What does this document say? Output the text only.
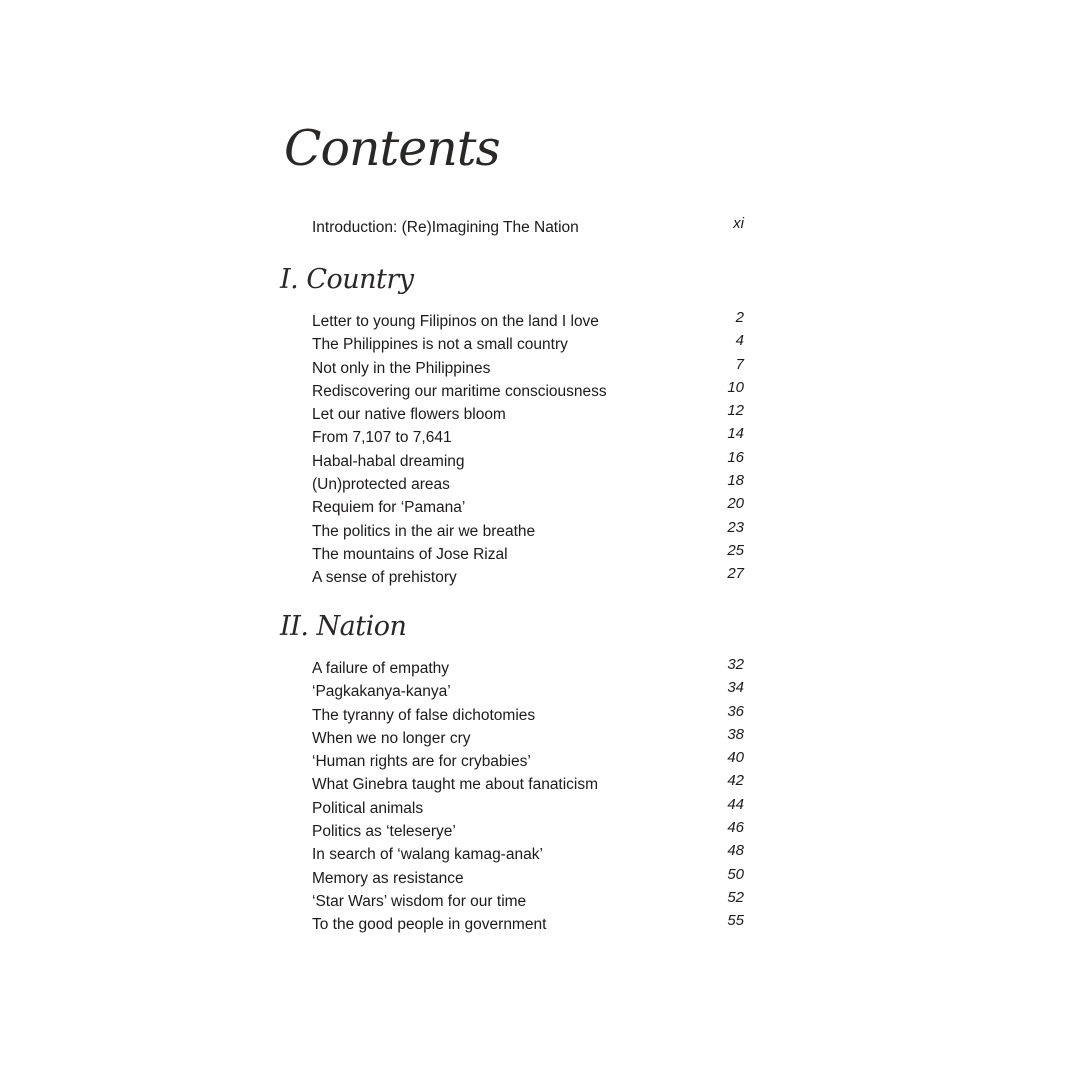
Contents
Introduction: (Re)Imagining The Nation	xi
I. Country
Letter to young Filipinos on the land I love	2
The Philippines is not a small country	4
Not only in the Philippines	7
Rediscovering our maritime consciousness	10
Let our native flowers bloom	12
From 7,107 to 7,641	14
Habal-habal dreaming	16
(Un)protected areas	18
Requiem for ‘Pamana’	20
The politics in the air we breathe	23
The mountains of Jose Rizal	25
A sense of prehistory	27
II. Nation
A failure of empathy	32
‘Pagkakanya-kanya’	34
The tyranny of false dichotomies	36
When we no longer cry	38
‘Human rights are for crybabies’	40
What Ginebra taught me about fanaticism	42
Political animals	44
Politics as ‘teleserye’	46
In search of ‘walang kamag-anak’	48
Memory as resistance	50
‘Star Wars’ wisdom for our time	52
To the good people in government	55
